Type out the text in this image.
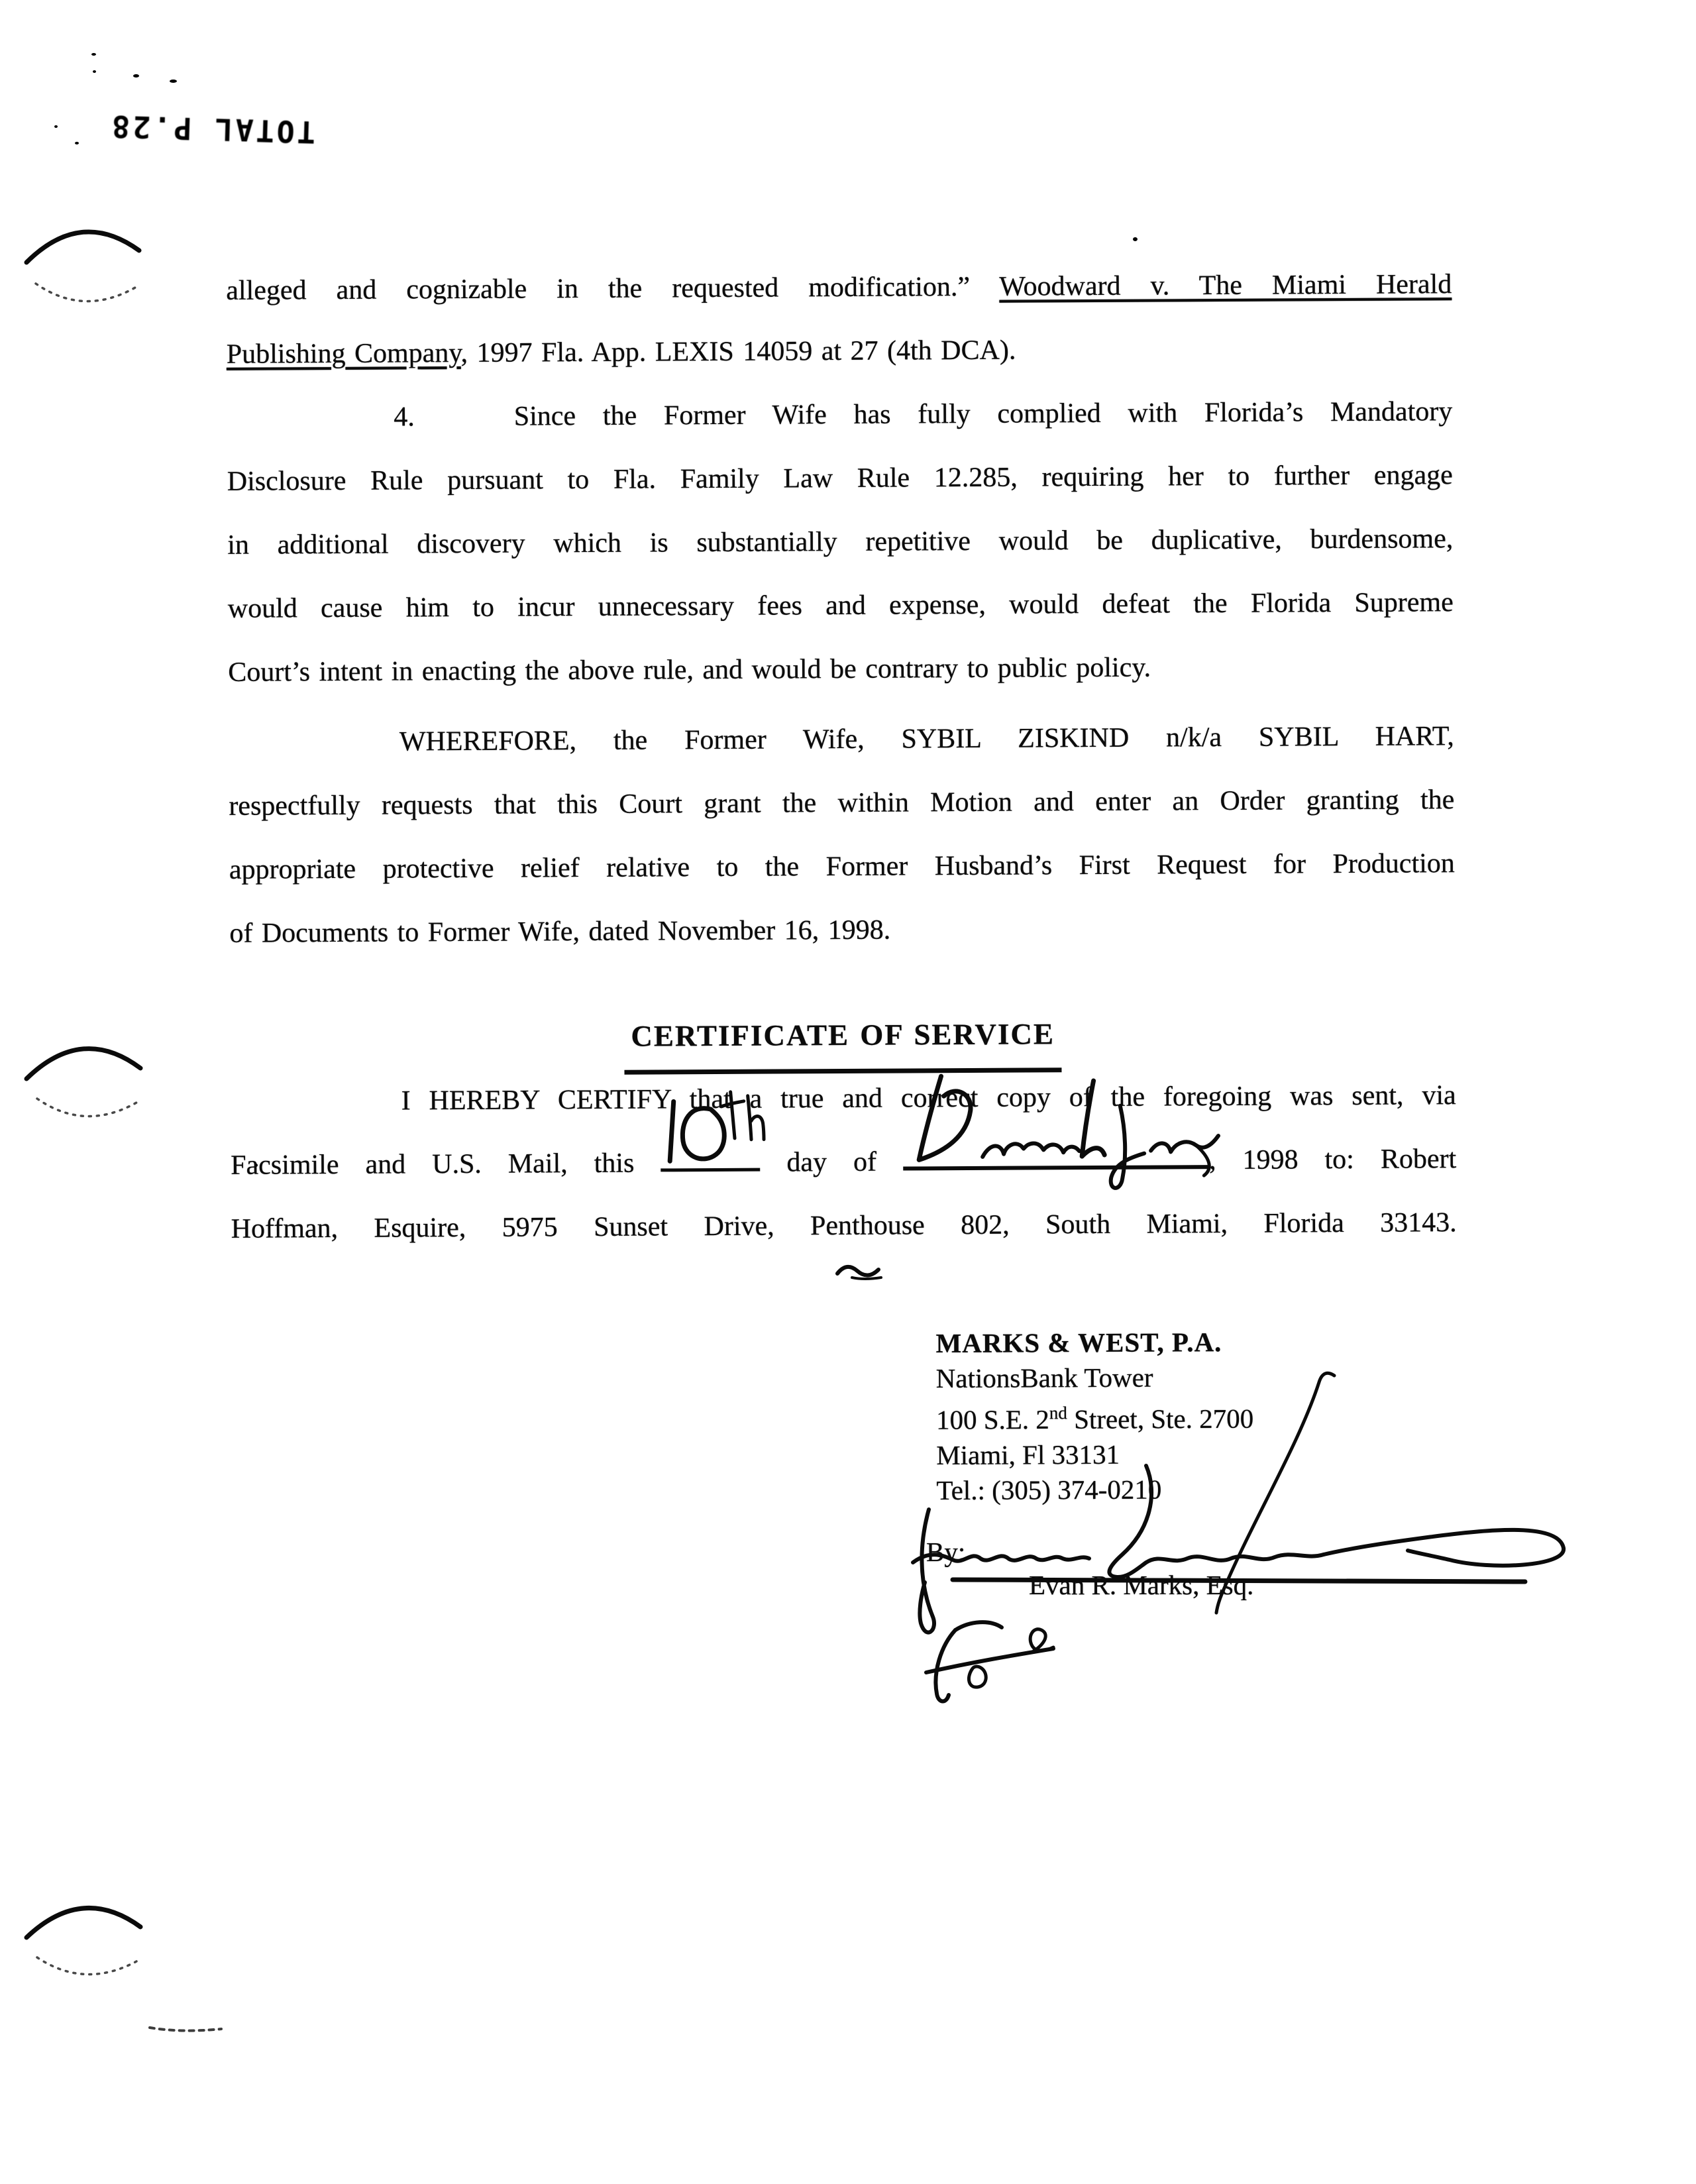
TOTAL P.28
alleged and cognizable in the requested modification.” Woodward v. The Miami Herald
Publishing Company, 1997 Fla. App. LEXIS 14059 at 27 (4th DCA).
4.	Since the Former Wife has fully complied with Florida’s Mandatory
Disclosure Rule pursuant to Fla. Family Law Rule 12.285, requiring her to further engage
in additional discovery which is substantially repetitive would be duplicative, burdensome,
would cause him to incur unnecessary fees and expense, would defeat the Florida Supreme
Court’s intent in enacting the above rule, and would be contrary to public policy.
WHEREFORE, the Former Wife, SYBIL ZISKIND n/k/a SYBIL HART,
respectfully requests that this Court grant the within Motion and enter an Order granting the
appropriate protective relief relative to the Former Husband’s First Request for Production
of Documents to Former Wife, dated November 16, 1998.
CERTIFICATE OF SERVICE
I HEREBY CERTIFY that a true and correct copy of the foregoing was sent, via
Facsimile and U.S. Mail, this	day of	, 1998 to: Robert
Hoffman, Esquire, 5975 Sunset Drive, Penthouse 802, South Miami, Florida 33143.
MARKS & WEST, P.A.
NationsBank Tower
100 S.E. 2nd Street, Ste. 2700
Miami, Fl 33131
Tel.: (305) 374-0210
By:
Evan R. Marks, Esq.
